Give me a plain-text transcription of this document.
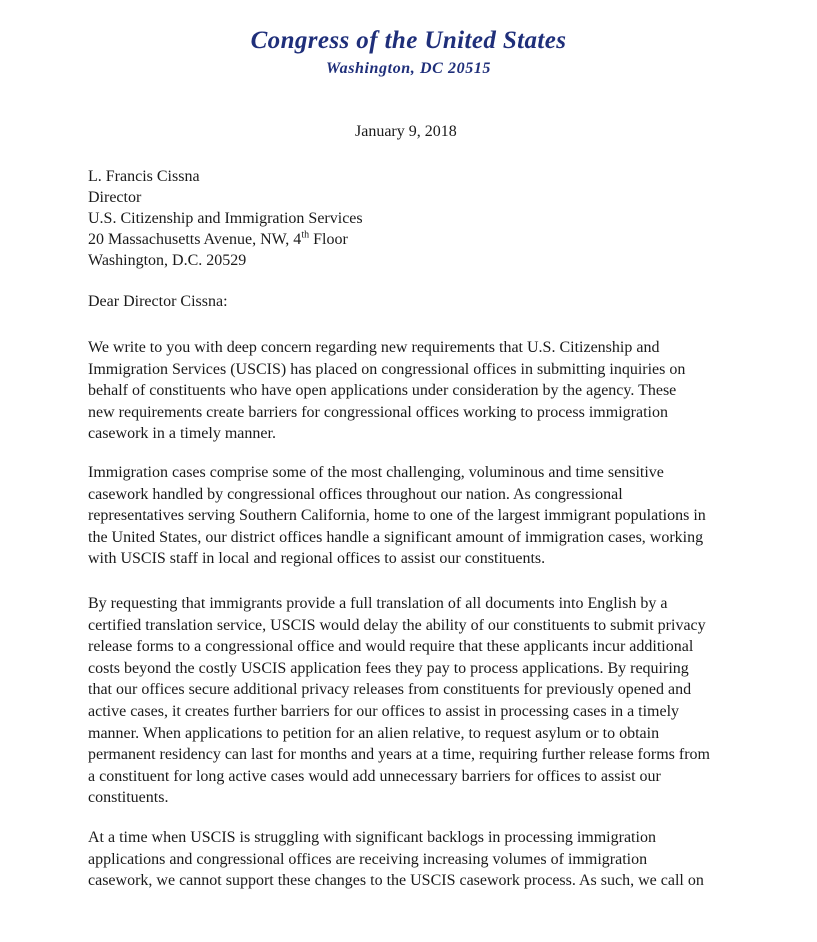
Congress of the United States
Washington, DC 20515
January 9, 2018
L. Francis Cissna
Director
U.S. Citizenship and Immigration Services
20 Massachusetts Avenue, NW, 4th Floor
Washington, D.C. 20529
Dear Director Cissna:
We write to you with deep concern regarding new requirements that U.S. Citizenship and
Immigration Services (USCIS) has placed on congressional offices in submitting inquiries on
behalf of constituents who have open applications under consideration by the agency. These
new requirements create barriers for congressional offices working to process immigration
casework in a timely manner.
Immigration cases comprise some of the most challenging, voluminous and time sensitive
casework handled by congressional offices throughout our nation. As congressional
representatives serving Southern California, home to one of the largest immigrant populations in
the United States, our district offices handle a significant amount of immigration cases, working
with USCIS staff in local and regional offices to assist our constituents.
By requesting that immigrants provide a full translation of all documents into English by a
certified translation service, USCIS would delay the ability of our constituents to submit privacy
release forms to a congressional office and would require that these applicants incur additional
costs beyond the costly USCIS application fees they pay to process applications. By requiring
that our offices secure additional privacy releases from constituents for previously opened and
active cases, it creates further barriers for our offices to assist in processing cases in a timely
manner. When applications to petition for an alien relative, to request asylum or to obtain
permanent residency can last for months and years at a time, requiring further release forms from
a constituent for long active cases would add unnecessary barriers for offices to assist our
constituents.
At a time when USCIS is struggling with significant backlogs in processing immigration
applications and congressional offices are receiving increasing volumes of immigration
casework, we cannot support these changes to the USCIS casework process. As such, we call on
